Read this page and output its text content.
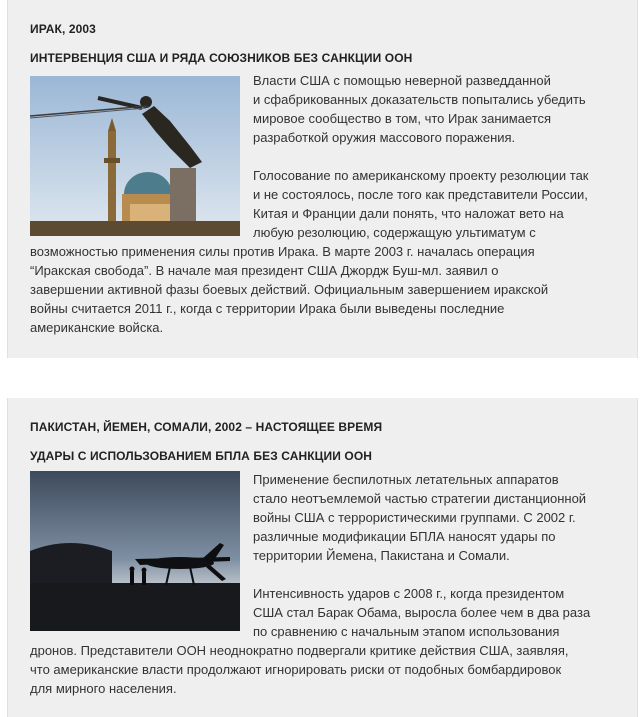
ИРАК, 2003
ИНТЕРВЕНЦИЯ США И РЯДА СОЮЗНИКОВ БЕЗ САНКЦИИ ООН
Власти США с помощью неверной разведданной
и сфабрикованных доказательств попытались убедить
мировое сообщество в том, что Ирак занимается
разработкой оружия массового поражения.
Голосование по американскому проекту резолюции так
и не состоялось, после того как представители России,
Китая и Франции дали понять, что наложат вето на
любую резолюцию, содержащую ультиматум с
возможностью применения силы против Ирака. В марте 2003 г. началась операция
“Иракская свобода”. В начале мая президент США Джордж Буш-мл. заявил о
завершении активной фазы боевых действий. Официальным завершением иракской
войны считается 2011 г., когда с территории Ирака были выведены последние
американские войска.
ПАКИСТАН, ЙЕМЕН, СОМАЛИ, 2002 – НАСТОЯЩЕЕ ВРЕМЯ
УДАРЫ С ИСПОЛЬЗОВАНИЕМ БПЛА БЕЗ САНКЦИИ ООН
Применение беспилотных летательных аппаратов
стало неотъемлемой частью стратегии дистанционной
войны США с террористическими группами. С 2002 г.
различные модификации БПЛА наносят удары по
территории Йемена, Пакистана и Сомали.
Интенсивность ударов с 2008 г., когда президентом
США стал Барак Обама, выросла более чем в два раза
по сравнению с начальным этапом использования
дронов. Представители ООН неоднократно подвергали критике действия США, заявляя,
что американские власти продолжают игнорировать риски от подобных бомбардировок
для мирного населения.
